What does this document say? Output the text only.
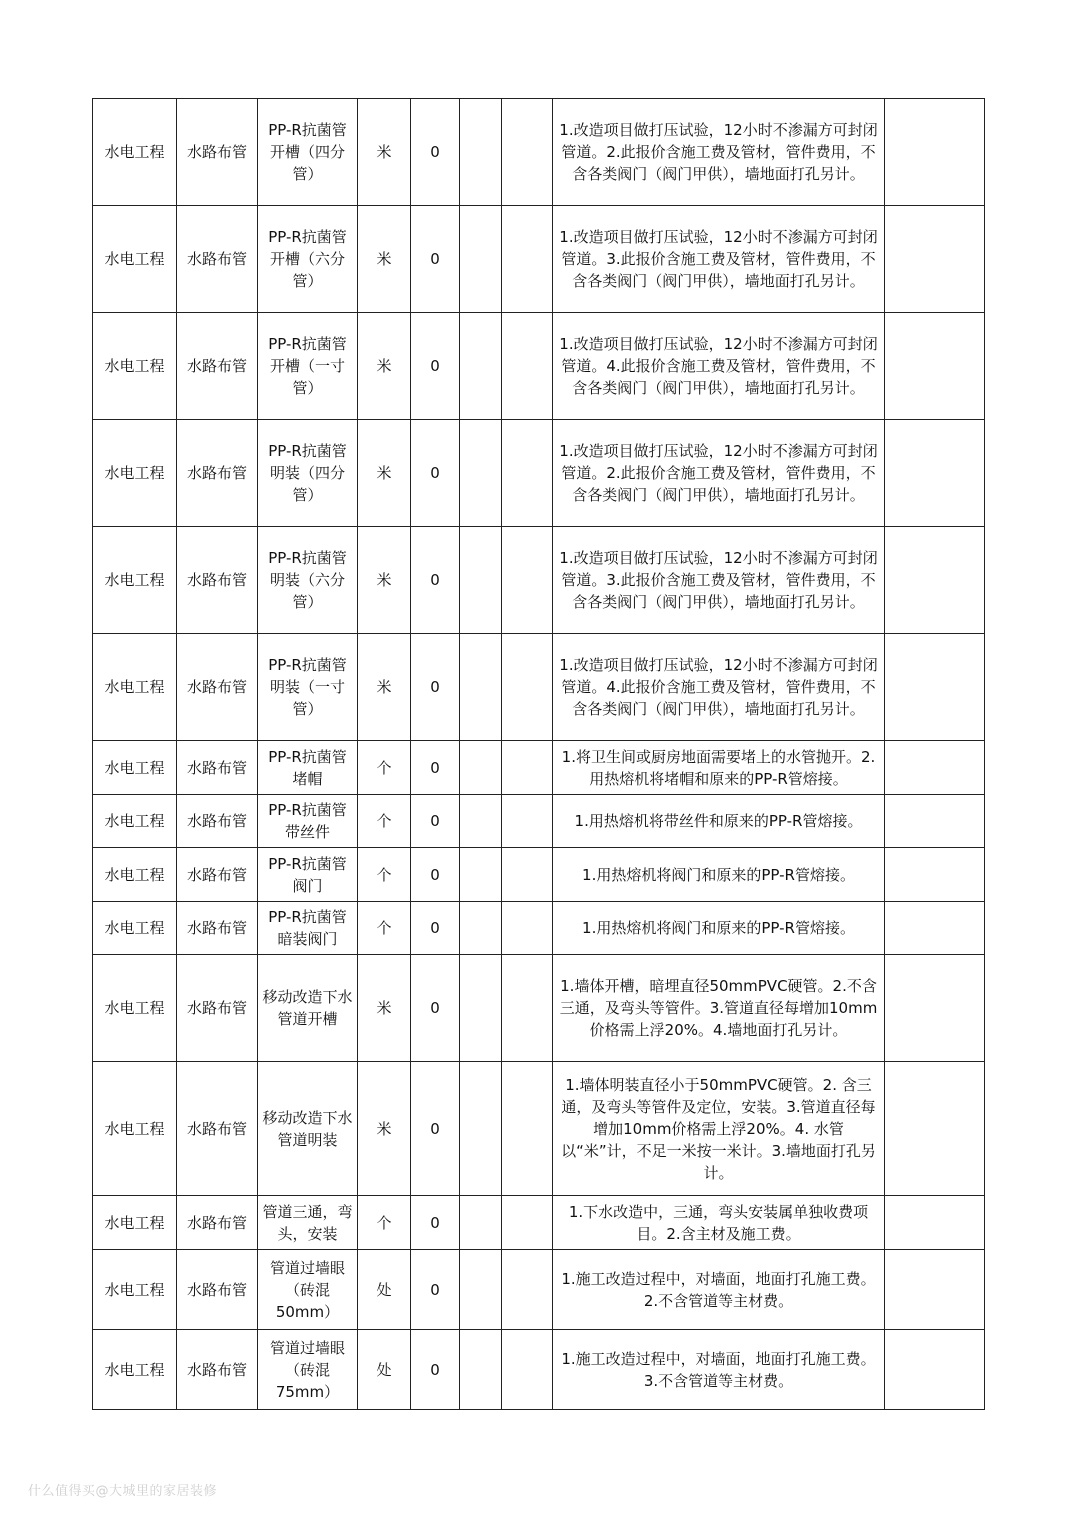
水电工程	水路布管	PP-R抗菌管开槽（四分管）	米	0			1.改造项目做打压试验，12小时不渗漏方可封闭管道。2.此报价含施工费及管材，管件费用，不含各类阀门（阀门甲供），墙地面打孔另计。	
水电工程	水路布管	PP-R抗菌管开槽（六分管）	米	0			1.改造项目做打压试验，12小时不渗漏方可封闭管道。3.此报价含施工费及管材，管件费用，不含各类阀门（阀门甲供），墙地面打孔另计。	
水电工程	水路布管	PP-R抗菌管开槽（一寸管）	米	0			1.改造项目做打压试验，12小时不渗漏方可封闭管道。4.此报价含施工费及管材，管件费用，不含各类阀门（阀门甲供），墙地面打孔另计。	
水电工程	水路布管	PP-R抗菌管明装（四分管）	米	0			1.改造项目做打压试验，12小时不渗漏方可封闭管道。2.此报价含施工费及管材，管件费用，不含各类阀门（阀门甲供），墙地面打孔另计。	
水电工程	水路布管	PP-R抗菌管明装（六分管）	米	0			1.改造项目做打压试验，12小时不渗漏方可封闭管道。3.此报价含施工费及管材，管件费用，不含各类阀门（阀门甲供），墙地面打孔另计。	
水电工程	水路布管	PP-R抗菌管明装（一寸管）	米	0			1.改造项目做打压试验，12小时不渗漏方可封闭管道。4.此报价含施工费及管材，管件费用，不含各类阀门（阀门甲供），墙地面打孔另计。	
水电工程	水路布管	PP-R抗菌管堵帽	个	0			1.将卫生间或厨房地面需要堵上的水管抛开。2.用热熔机将堵帽和原来的PP-R管熔接。	
水电工程	水路布管	PP-R抗菌管带丝件	个	0			1.用热熔机将带丝件和原来的PP-R管熔接。	
水电工程	水路布管	PP-R抗菌管阀门	个	0			1.用热熔机将阀门和原来的PP-R管熔接。	
水电工程	水路布管	PP-R抗菌管暗装阀门	个	0			1.用热熔机将阀门和原来的PP-R管熔接。	
水电工程	水路布管	移动改造下水管道开槽	米	0			1.墙体开槽，暗埋直径50mmPVC硬管。2.不含三通，及弯头等管件。3.管道直径每增加10mm价格需上浮20%。4.墙地面打孔另计。	
水电工程	水路布管	移动改造下水管道明装	米	0			1.墙体明装直径小于50mmPVC硬管。2. 含三通，及弯头等管件及定位，安装。3.管道直径每增加10mm价格需上浮20%。4. 水管以“米”计，不足一米按一米计。3.墙地面打孔另计。	
水电工程	水路布管	管道三通，弯头，安装	个	0			1.下水改造中，三通，弯头安装属单独收费项目。2.含主材及施工费。	
水电工程	水路布管	管道过墙眼（砖混50mm）	处	0			1.施工改造过程中，对墙面，地面打孔施工费。2.不含管道等主材费。	
水电工程	水路布管	管道过墙眼（砖混75mm）	处	0			1.施工改造过程中，对墙面，地面打孔施工费。3.不含管道等主材费。	
什么值得买@大城里的家居装修
